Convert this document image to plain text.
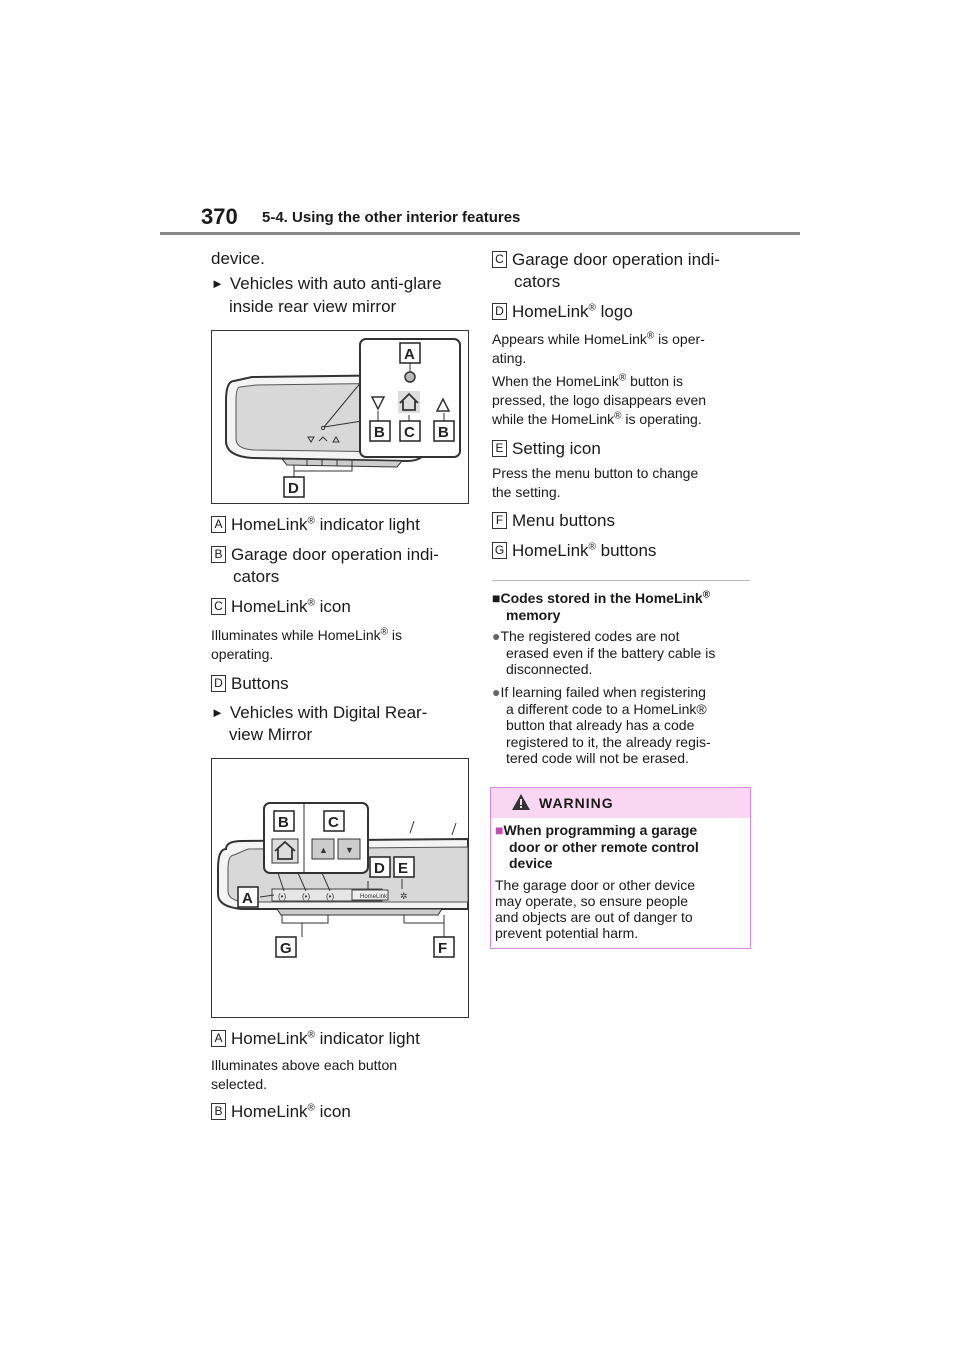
370 5-4. Using the other interior features
device.
► Vehicles with auto anti-glare
inside rear view mirror
A
B C B
D
A HomeLink® indicator light
B Garage door operation indi-
cators
C HomeLink® icon
Illuminates while HomeLink® is
operating.
D Buttons
► Vehicles with Digital Rear-
view Mirror
(•) (•) (•)	HomeLink ✲
▲ ▼
B	C
D E
A
G	F
A HomeLink® indicator light
Illuminates above each button
selected.
B HomeLink® icon
C Garage door operation indi-
cators
D HomeLink® logo
Appears while HomeLink® is oper-
ating.
When the HomeLink® button is
pressed, the logo disappears even
while the HomeLink® is operating.
E Setting icon
Press the menu button to change
the setting.
F Menu buttons
G HomeLink® buttons
■Codes stored in the HomeLink®
memory
●The registered codes are not
erased even if the battery cable is
disconnected.
●If learning failed when registering
a different code to a HomeLink®
button that already has a code
registered to it, the already regis-
tered code will not be erased.
WARNING
■When programming a garage
door or other remote control
device
The garage door or other device
may operate, so ensure people
and objects are out of danger to
prevent potential harm.
